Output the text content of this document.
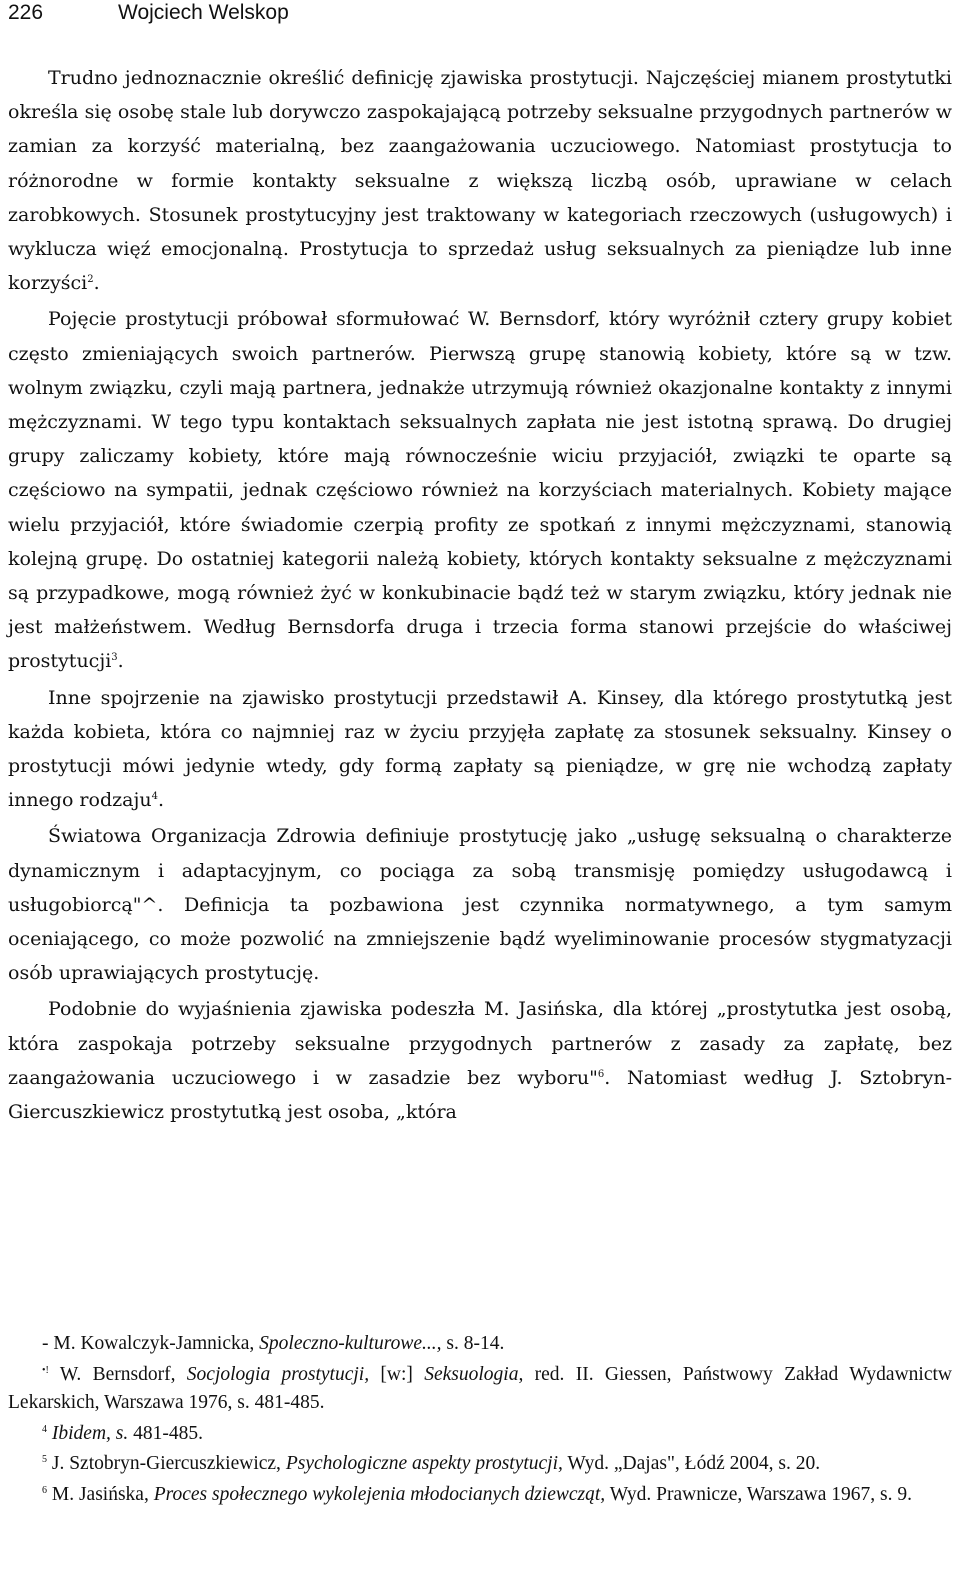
226	Wojciech Welskop

Trudno jednoznacznie określić definicję zjawiska prostytucji. Najczęściej mianem prostytutki określa się osobę stale lub dorywczo zaspokajającą potrzeby seksualne przygodnych partnerów w zamian za korzyść materialną, bez zaangażowania uczuciowego. Natomiast prostytucja to różnorodne w formie kontakty seksualne z większą liczbą osób, uprawiane w celach zarobkowych. Stosunek prostytucyjny jest traktowany w kategoriach rzeczowych (usługowych) i wyklucza więź emocjonalną. Prostytucja to sprzedaż usług seksualnych za pieniądze lub inne korzyści$^2$.

Pojęcie prostytucji próbował sformułować W. Bernsdorf, który wyróżnił cztery grupy kobiet często zmieniających swoich partnerów. Pierwszą grupę stanowią kobiety, które są w tzw. wolnym związku, czyli mają partnera, jednakże utrzymują również okazjonalne kontakty z innymi mężczyznami. W tego typu kontaktach seksualnych zapłata nie jest istotną sprawą. Do drugiej grupy zaliczamy kobiety, które mają równocześnie wiciu przyjaciół, związki te oparte są częściowo na sympatii, jednak częściowo również na korzyściach materialnych. Kobiety mające wielu przyjaciół, które świadomie czerpią profity ze spotkań z innymi mężczyznami, stanowią kolejną grupę. Do ostatniej kategorii należą kobiety, których kontakty seksualne z mężczyznami są przypadkowe, mogą również żyć w konkubinacie bądź też w starym związku, który jednak nie jest małżeństwem. Według Bernsdorfa druga i trzecia forma stanowi przejście do właściwej prostytucji$^3$.

Inne spojrzenie na zjawisko prostytucji przedstawił A. Kinsey, dla którego prostytutką jest każda kobieta, która co najmniej raz w życiu przyjęła zapłatę za stosunek seksualny. Kinsey o prostytucji mówi jedynie wtedy, gdy formą zapłaty są pieniądze, w grę nie wchodzą zapłaty innego rodzaju$^4$.

Światowa Organizacja Zdrowia definiuje prostytucję jako „usługę seksualną o charakterze dynamicznym i adaptacyjnym, co pociąga za sobą transmisję pomiędzy usługodawcą i usługobiorcą"^. Definicja ta pozbawiona jest czynnika normatywnego, a tym samym oceniającego, co może pozwolić na zmniejszenie bądź wyeliminowanie procesów stygmatyzacji osób uprawiających prostytucję.

Podobnie do wyjaśnienia zjawiska podeszła M. Jasińska, dla której „prostytutka jest osobą, która zaspokaja potrzeby seksualne przygodnych partnerów z zasady za zapłatę, bez zaangażowania uczuciowego i w zasadzie bez wyboru"$^6$. Natomiast według J. Sztobryn-Giercuszkiewicz prostytutką jest osoba, „która

- M. Kowalczyk-Jamnicka, Spoleczno-kulturowe..., s. 8-14.

•! W. Bernsdorf, Socjologia prostytucji, [w:] Seksuologia, red. II. Giessen, Państwowy Zakład Wydawnictw Lekarskich, Warszawa 1976, s. 481-485.

$^4$ Ibidem, s. 481-485.

$^5$ J. Sztobryn-Giercuszkiewicz, Psychologiczne aspekty prostytucji, Wyd. „Dajas", Łódź 2004, s. 20.

$^6$ M. Jasińska, Proces społecznego wykolejenia młodocianych dziewcząt, Wyd. Prawnicze, Warszawa 1967, s. 9.
